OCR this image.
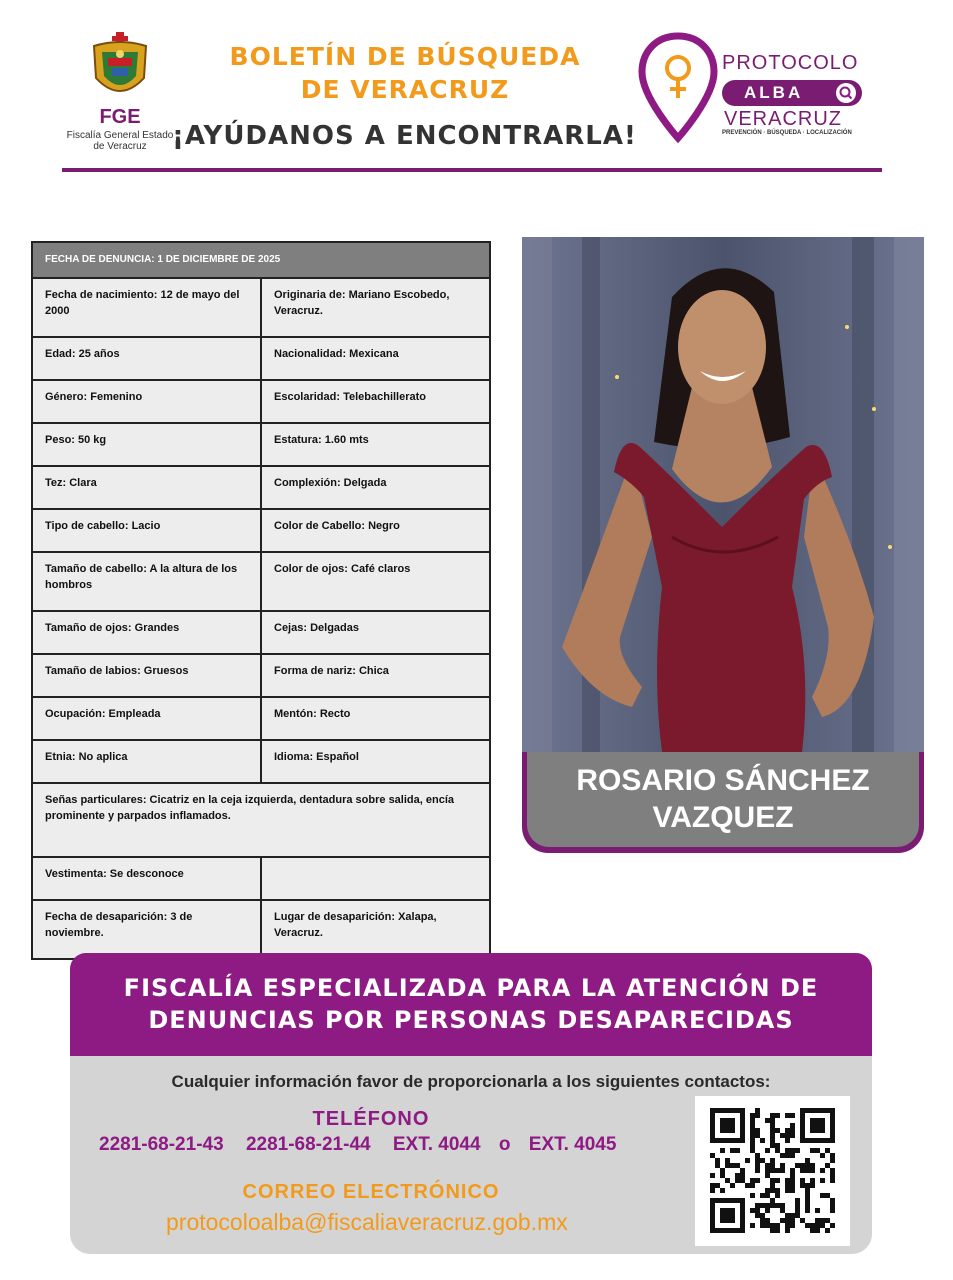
FGE
Fiscalía General Estado de Veracruz
BOLETÍN DE BÚSQUEDA
DE VERACRUZ
¡AYÚDANOS A ENCONTRARLA!
PROTOCOLO
ALBA
VERACRUZ
PREVENCIÓN · BÚSQUEDA · LOCALIZACIÓN
FECHA DE DENUNCIA: 1 DE DICIEMBRE DE 2025	
Fecha de nacimiento: 12 de mayo del 2000	Originaria de: Mariano Escobedo, Veracruz.
Edad: 25 años	Nacionalidad: Mexicana
Género: Femenino	Escolaridad: Telebachillerato
Peso: 50 kg	Estatura: 1.60 mts
Tez: Clara	Complexión: Delgada
Tipo de cabello: Lacio	Color de Cabello: Negro
Tamaño de cabello: A la altura de los hombros	Color de ojos: Café claros
Tamaño de ojos: Grandes	Cejas: Delgadas
Tamaño de labios: Gruesos	Forma de nariz: Chica
Ocupación: Empleada	Mentón: Recto
Etnia: No aplica	Idioma: Español
Señas particulares: Cicatriz en la ceja izquierda, dentadura sobre salida, encía prominente y parpados inflamados.	
Vestimenta: Se desconoce	
Fecha de desaparición: 3 de noviembre.	Lugar de desaparición: Xalapa, Veracruz.
ROSARIO SÁNCHEZ
VAZQUEZ
FISCALÍA ESPECIALIZADA PARA LA ATENCIÓN DE
DENUNCIAS POR PERSONAS DESAPARECIDAS
Cualquier información favor de proporcionarla a los siguientes contactos:
TELÉFONO
2281-68-21-43 2281-68-21-44 EXT. 4044 o EXT. 4045
CORREO ELECTRÓNICO
protocoloalba@fiscaliaveracruz.gob.mx
